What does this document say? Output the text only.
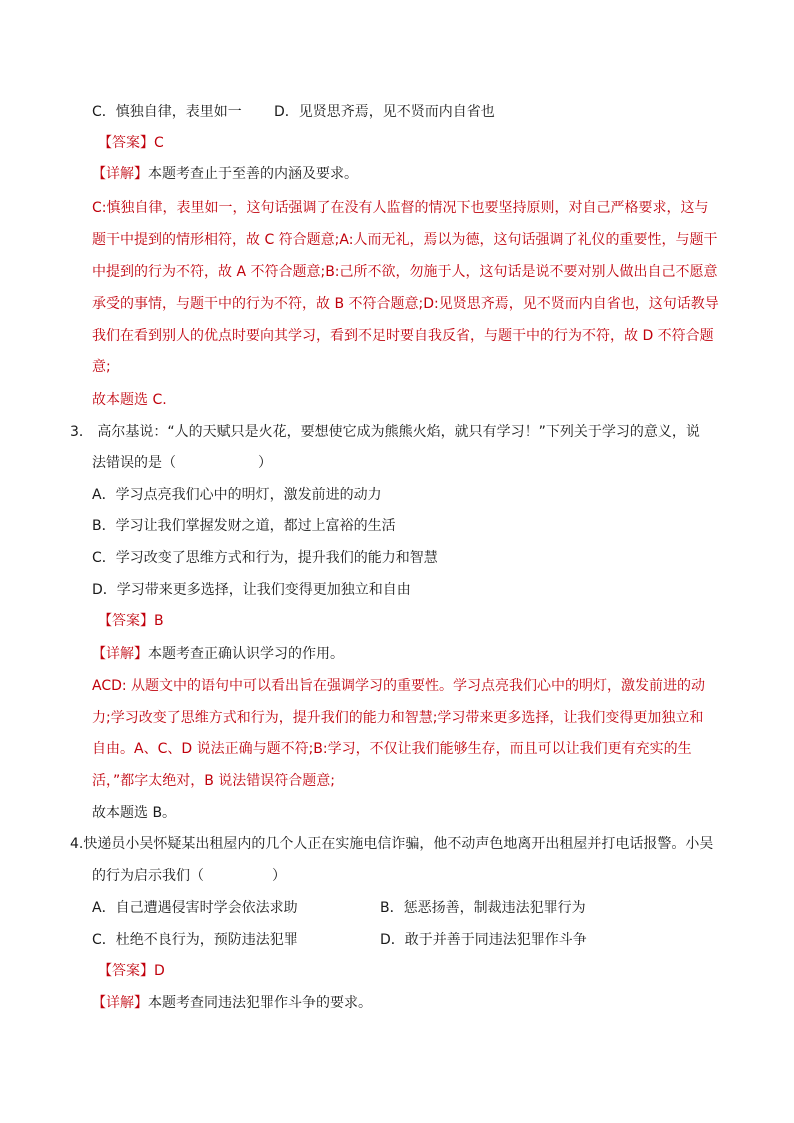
C．慎独自律，表里如一 D．见贤思齐焉，见不贤而内自省也
【答案】C
【详解】本题考查止于至善的内涵及要求。
C:慎独自律，表里如一，这句话强调了在没有人监督的情况下也要坚持原则，对自己严格要求，这与
题干中提到的情形相符，故 C 符合题意;A:人而无礼，焉以为德，这句话强调了礼仪的重要性，与题干
中提到的行为不符，故 A 不符合题意;B:己所不欲，勿施于人，这句话是说不要对别人做出自己不愿意
承受的事情，与题干中的行为不符，故 B 不符合题意;D:见贤思齐焉，见不贤而内自省也，这句话教导
我们在看到别人的优点时要向其学习，看到不足时要自我反省，与题干中的行为不符，故 D 不符合题
意;
故本题选 C.
3． 高尔基说：“人的天赋只是火花，要想使它成为熊熊火焰，就只有学习！”下列关于学习的意义，说
法错误的是（	）
A．学习点亮我们心中的明灯，激发前进的动力
B．学习让我们掌握发财之道，都过上富裕的生活
C．学习改变了思维方式和行为，提升我们的能力和智慧
D．学习带来更多选择，让我们变得更加独立和自由
【答案】B
【详解】本题考查正确认识学习的作用。
ACD: 从题文中的语句中可以看出旨在强调学习的重要性。学习点亮我们心中的明灯，激发前进的动
力;学习改变了思维方式和行为，提升我们的能力和智慧;学习带来更多选择，让我们变得更加独立和
自由。A、C、D 说法正确与题不符;B:学习，不仅让我们能够生存，而且可以让我们更有充实的生
活，”都字太绝对，B 说法错误符合题意;
故本题选 B。
4.快递员小吴怀疑某出租屋内的几个人正在实施电信诈骗，他不动声色地离开出租屋并打电话报警。小吴
的行为启示我们（	）
A．自己遭遇侵害时学会依法求助	B．惩恶扬善，制裁违法犯罪行为
C．杜绝不良行为，预防违法犯罪	D．敢于并善于同违法犯罪作斗争
【答案】D
【详解】本题考查同违法犯罪作斗争的要求。
